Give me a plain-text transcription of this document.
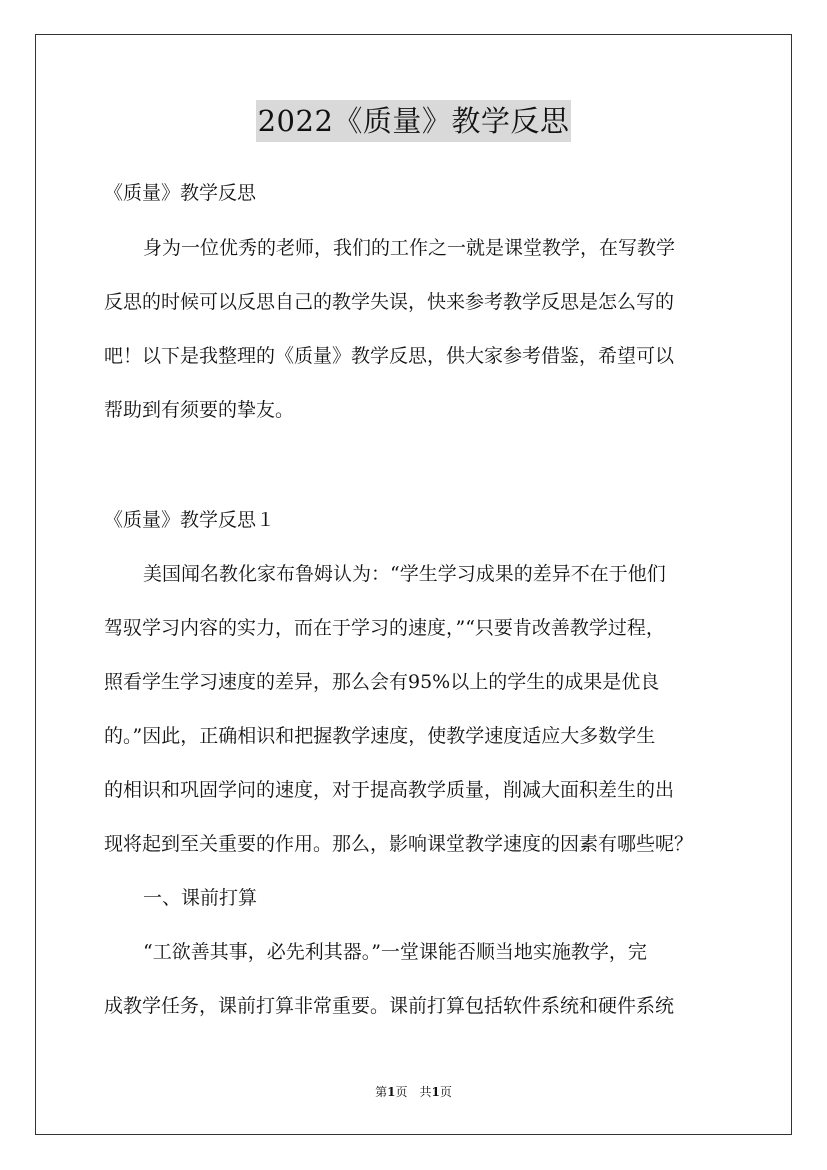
2022《质量》教学反思
《质量》教学反思
身为一位优秀的老师，我们的工作之一就是课堂教学，在写教学
反思的时候可以反思自己的教学失误，快来参考教学反思是怎么写的
吧！以下是我整理的《质量》教学反思，供大家参考借鉴，希望可以
帮助到有须要的挚友。
《质量》教学反思１
美国闻名教化家布鲁姆认为：“学生学习成果的差异不在于他们
驾驭学习内容的实力，而在于学习的速度，”“只要肯改善教学过程，
照看学生学习速度的差异，那么会有95%以上的学生的成果是优良
的。”因此，正确相识和把握教学速度，使教学速度适应大多数学生
的相识和巩固学问的速度，对于提高教学质量，削减大面积差生的出
现将起到至关重要的作用。那么，影响课堂教学速度的因素有哪些呢？
一、课前打算
“工欲善其事，必先利其器。”一堂课能否顺当地实施教学，完
成教学任务，课前打算非常重要。课前打算包括软件系统和硬件系统
第1页　共1页
